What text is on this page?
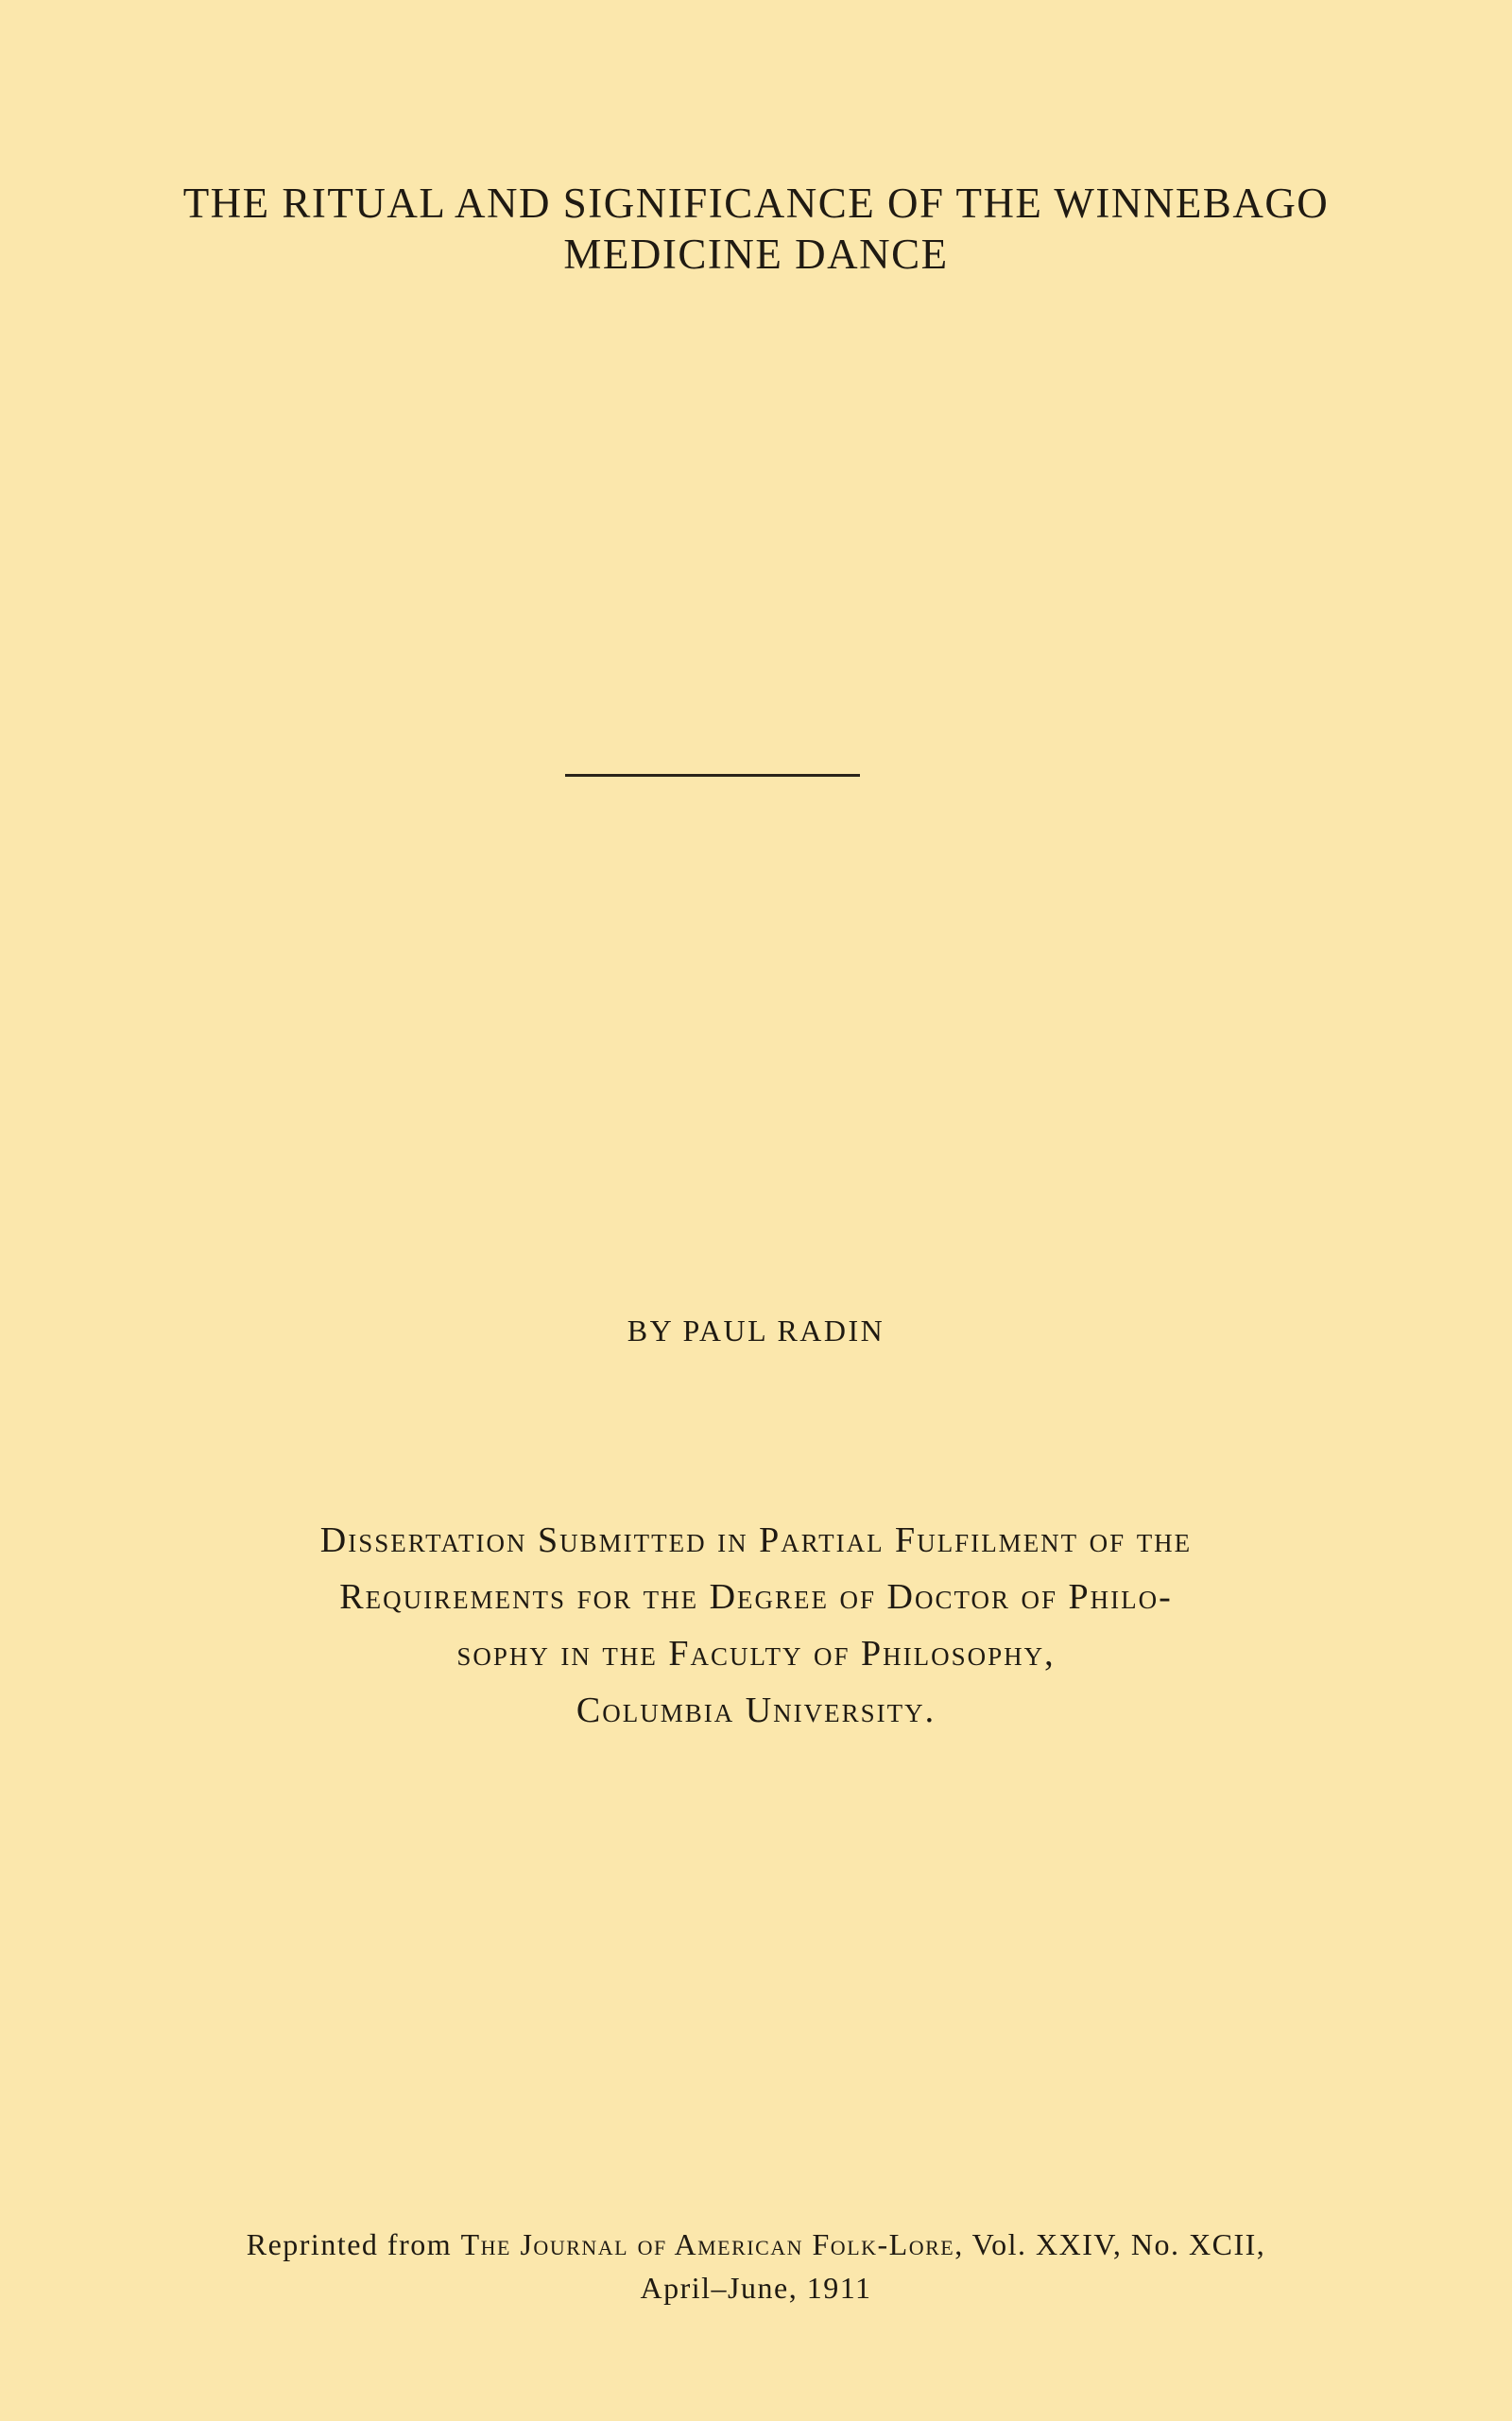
THE RITUAL AND SIGNIFICANCE OF THE WINNEBAGO
MEDICINE DANCE
BY PAUL RADIN
Dissertation Submitted in Partial Fulfilment of the
Requirements for the Degree of Doctor of Philo-
sophy in the Faculty of Philosophy,
Columbia University.
Reprinted from The Journal of American Folk-Lore, Vol. XXIV, No. XCII,
April–June, 1911
